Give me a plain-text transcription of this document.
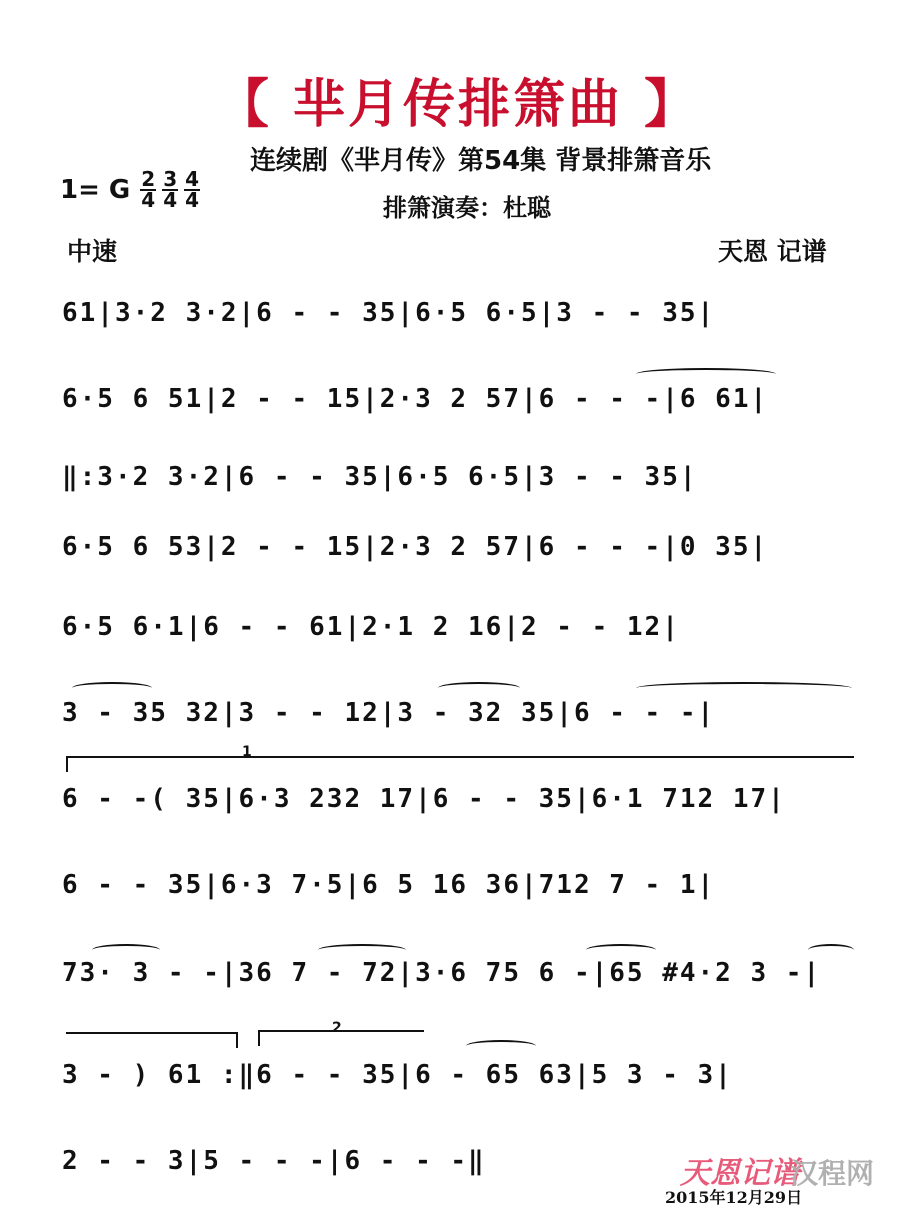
【 芈月传排箫曲 】
连续剧《芈月传》第54集 背景排箫音乐
排箫演奏：杜聪
1= G $\frac{2}{4} \frac{3}{4} \frac{4}{4}$
中速	天恩 记谱
61|3·2 3·2|6 - - 35|6·5 6·5|3 - - 35|
6·5 6 51|2 - - 15|2·3 2 57|6 - - -|6 61|
‖:3·2 3·2|6 - - 35|6·5 6·5|3 - - 35|
6·5 6 53|2 - - 15|2·3 2 57|6 - - -|0 35|
6·5 6·1|6 - - 61|2·1 2 16|2 - - 12|
3 - 35 32|3 - - 12|3 - 32 35|6 - - -|
6 - -( 35|6·3 232 17|6 - - 35|6·1 712 17|
6 - - 35|6·3 7·5|6 5 16 36|712 7 - 1|
73· 3 - -|36 7 - 72|3·6 75 6 -|65 #4·2 3 -|
3 - ) 61 :‖6 - - 35|6 - 65 63|5 3 - 3|
2 - - 3|5 - - -|6 - - -‖
1
2
天恩记谱
汉程网
2015年12月29日
